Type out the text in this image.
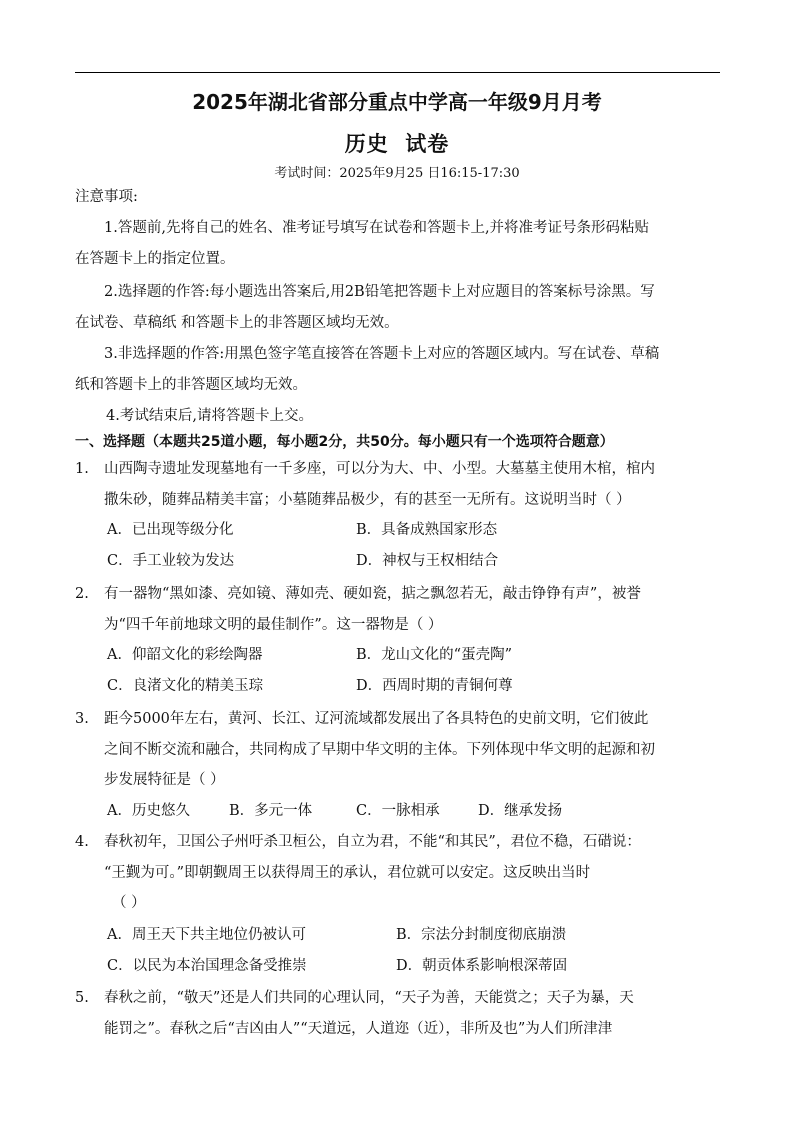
2025年湖北省部分重点中学高一年级9月月考
历史  试卷
考试时间：2025年9月25 日16:15-17:30
注意事项:
1.答题前,先将自己的姓名、准考证号填写在试卷和答题卡上,并将准考证号条形码粘贴
在答题卡上的指定位置。
2.选择题的作答:每小题选出答案后,用2B铅笔把答题卡上对应题目的答案标号涂黑。写
在试卷、草稿纸 和答题卡上的非答题区域均无效。
3.非选择题的作答:用黑色签字笔直接答在答题卡上对应的答题区域内。写在试卷、草稿
纸和答题卡上的非答题区域均无效。
4.考试结束后,请将答题卡上交。
一、选择题（本题共25道小题，每小题2分，共50分。每小题只有一个选项符合题意）
1. 山西陶寺遗址发现墓地有一千多座，可以分为大、中、小型。大墓墓主使用木棺，棺内
撒朱砂，随葬品精美丰富；小墓随葬品极少，有的甚至一无所有。这说明当时（ ）
A．已出现等级分化	B．具备成熟国家形态
C．手工业较为发达	D．神权与王权相结合
2. 有一器物“黑如漆、亮如镜、薄如壳、硬如瓷，掂之飘忽若无，敲击铮铮有声”，被誉
为“四千年前地球文明的最佳制作”。这一器物是（ ）
A．仰韶文化的彩绘陶器	B．龙山文化的“蛋壳陶”
C．良渚文化的精美玉琮	D．西周时期的青铜何尊
3. 距今5000年左右，黄河、长江、辽河流域都发展出了各具特色的史前文明，它们彼此
之间不断交流和融合，共同构成了早期中华文明的主体。下列体现中华文明的起源和初
步发展特征是（ ）
A．历史悠久	B．多元一体	C．一脉相承	D．继承发扬
4. 春秋初年，卫国公子州吁杀卫桓公，自立为君，不能“和其民”，君位不稳，石碏说：
“王觐为可。”即朝觐周王以获得周王的承认，君位就可以安定。这反映出当时
（ ）
A．周王天下共主地位仍被认可	B．宗法分封制度彻底崩溃
C．以民为本治国理念备受推崇	D．朝贡体系影响根深蒂固
5. 春秋之前，“敬天”还是人们共同的心理认同，“天子为善，天能赏之；天子为暴，天
能罚之”。春秋之后“吉凶由人”“天道远，人道迩（近），非所及也”为人们所津津
